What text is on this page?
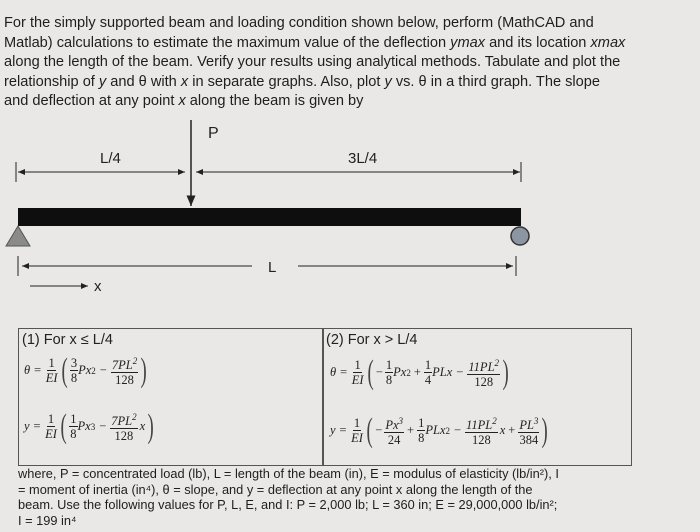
For the simply supported beam and loading condition shown below, perform (MathCAD and
Matlab) calculations to estimate the maximum value of the deflection ymax and its location xmax
along the length of the beam. Verify your results using analytical methods. Tabulate and plot the
relationship of y and θ with x in separate graphs. Also, plot y vs. θ in a third graph. The slope
and deflection at any point x along the beam is given by
P
L/4	3L/4
L
x
(1) For x ≤ L/4	(2) For x > L/4
$\theta = \frac{1}{EI}$ ( $\frac{3}{8}$ Px $2 - \frac{7PL^2}{128}$ )
$y = \frac{1}{EI}$ ( $\frac{1}{8}$ Px $3 - \frac{7PL^2}{128}$ x )
$\theta = \frac{1}{EI}$ ( − $\frac{1}{8}$ Px $2 + \frac{1}{4}$ PLx − $\frac{11PL^2}{128}$ )
$y = \frac{1}{EI}$ ( − $\frac{Px^3}{24} + \frac{1}{8}$ PLx $2 - \frac{11PL^2}{128}$ $x + \frac{PL^3}{384}$ )
where, P = concentrated load (lb), L = length of the beam (in), E = modulus of elasticity (lb/in²), I
= moment of inertia (in⁴), θ = slope, and y = deflection at any point x along the length of the
beam. Use the following values for P, L, E, and I: P = 2,000 lb; L = 360 in; E = 29,000,000 lb/in²;
I = 199 in⁴
